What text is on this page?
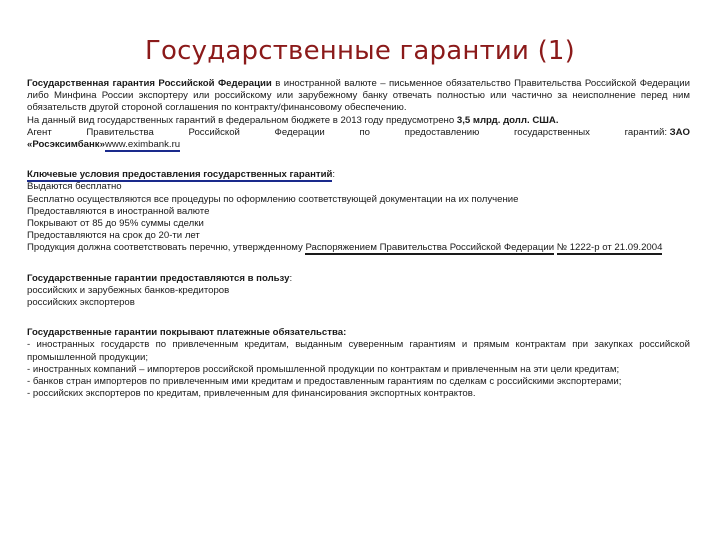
Государственные гарантии (1)

Государственная гарантия Российской Федерации в иностранной валюте – письменное обязательство Правительства Российской Федерации либо Минфина России экспортеру или российскому или зарубежному банку отвечать полностью или частично за неисполнение перед ним обязательств другой стороной соглашения по контракту/финансовому обеспечению.

На данный вид государственных гарантий в федеральном бюджете в 2013 году предусмотрено 3,5 млрд. долл. США.

Агент	Правительства	Российской	Федерации	по	предоставлению	государственных	гарантий: ЗАО

«Росэксимбанк»www.eximbank.ru

Ключевые условия предоставления государственных гарантий:

Выдаются бесплатно

Бесплатно осуществляются все процедуры по оформлению соответствующей документации на их получение

Предоставляются в иностранной валюте

Покрывают от 85 до 95% суммы сделки

Предоставляются на срок до 20-ти лет

Продукция должна соответствовать перечню, утвержденному Распоряжением Правительства Российской Федерации № 1222-р от 21.09.2004

Государственные гарантии предоставляются в пользу:

российских и зарубежных банков-кредиторов

российских экспортеров

Государственные гарантии покрывают платежные обязательства:

- иностранных государств по привлеченным кредитам, выданным суверенным гарантиям и прямым контрактам при закупках российской промышленной продукции;

- иностранных компаний – импортеров российской промышленной продукции по контрактам и привлеченным на эти цели кредитам;

- банков стран импортеров по привлеченным ими кредитам и предоставленным гарантиям по сделкам с российскими экспортерами;

- российских экспортеров по кредитам, привлеченным для финансирования экспортных контрактов.
